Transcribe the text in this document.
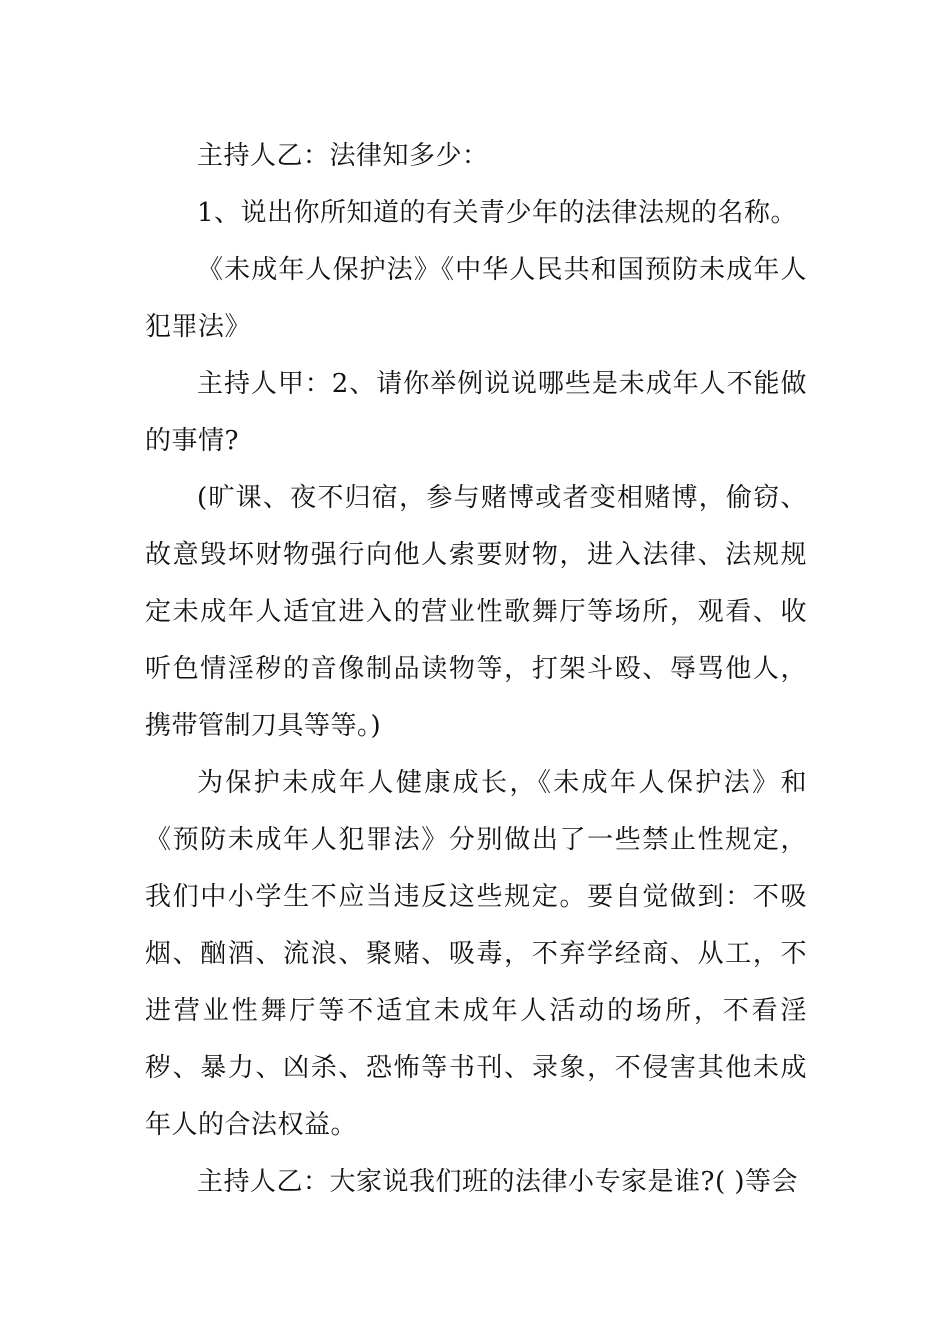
主持人乙：法律知多少：

1、说出你所知道的有关青少年的法律法规的名称。

《未成年人保护法》《中华人民共和国预防未成年人犯罪法》

主持人甲：2、请你举例说说哪些是未成年人不能做的事情?

(旷课、夜不归宿，参与赌博或者变相赌博，偷窃、故意毁坏财物强行向他人索要财物，进入法律、法规规定未成年人适宜进入的营业性歌舞厅等场所，观看、收听色情淫秽的音像制品读物等，打架斗殴、辱骂他人，携带管制刀具等等。)

为保护未成年人健康成长，《未成年人保护法》和《预防未成年人犯罪法》分别做出了一些禁止性规定，我们中小学生不应当违反这些规定。要自觉做到：不吸烟、酗酒、流浪、聚赌、吸毒，不弃学经商、从工，不进营业性舞厅等不适宜未成年人活动的场所，不看淫秽、暴力、凶杀、恐怖等书刊、录象，不侵害其他未成年人的合法权益。

主持人乙：大家说我们班的法律小专家是谁?( )等会
